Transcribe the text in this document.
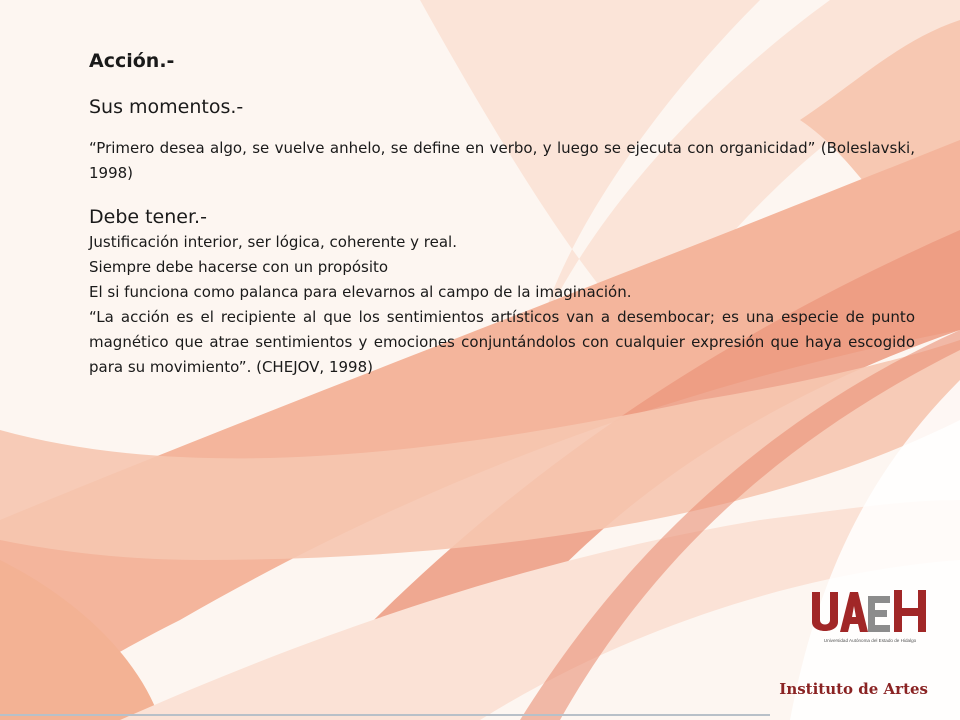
Acción.-

Sus momentos.-

“Primero desea algo, se vuelve anhelo, se define en verbo, y luego se ejecuta con organicidad” (Boleslavski, 1998)

Debe tener.-

Justificación interior, ser lógica, coherente y real.

Siempre debe hacerse con un propósito

El si funciona como palanca para elevarnos al campo de la imaginación.

“La acción es el recipiente al que los sentimientos artísticos van a desembocar; es una especie de punto magnético que atrae sentimientos y emociones conjuntándolos con cualquier expresión que haya escogido para su movimiento”. (CHEJOV, 1998)

Universidad Autónoma del Estado de Hidalgo
Instituto de Artes
